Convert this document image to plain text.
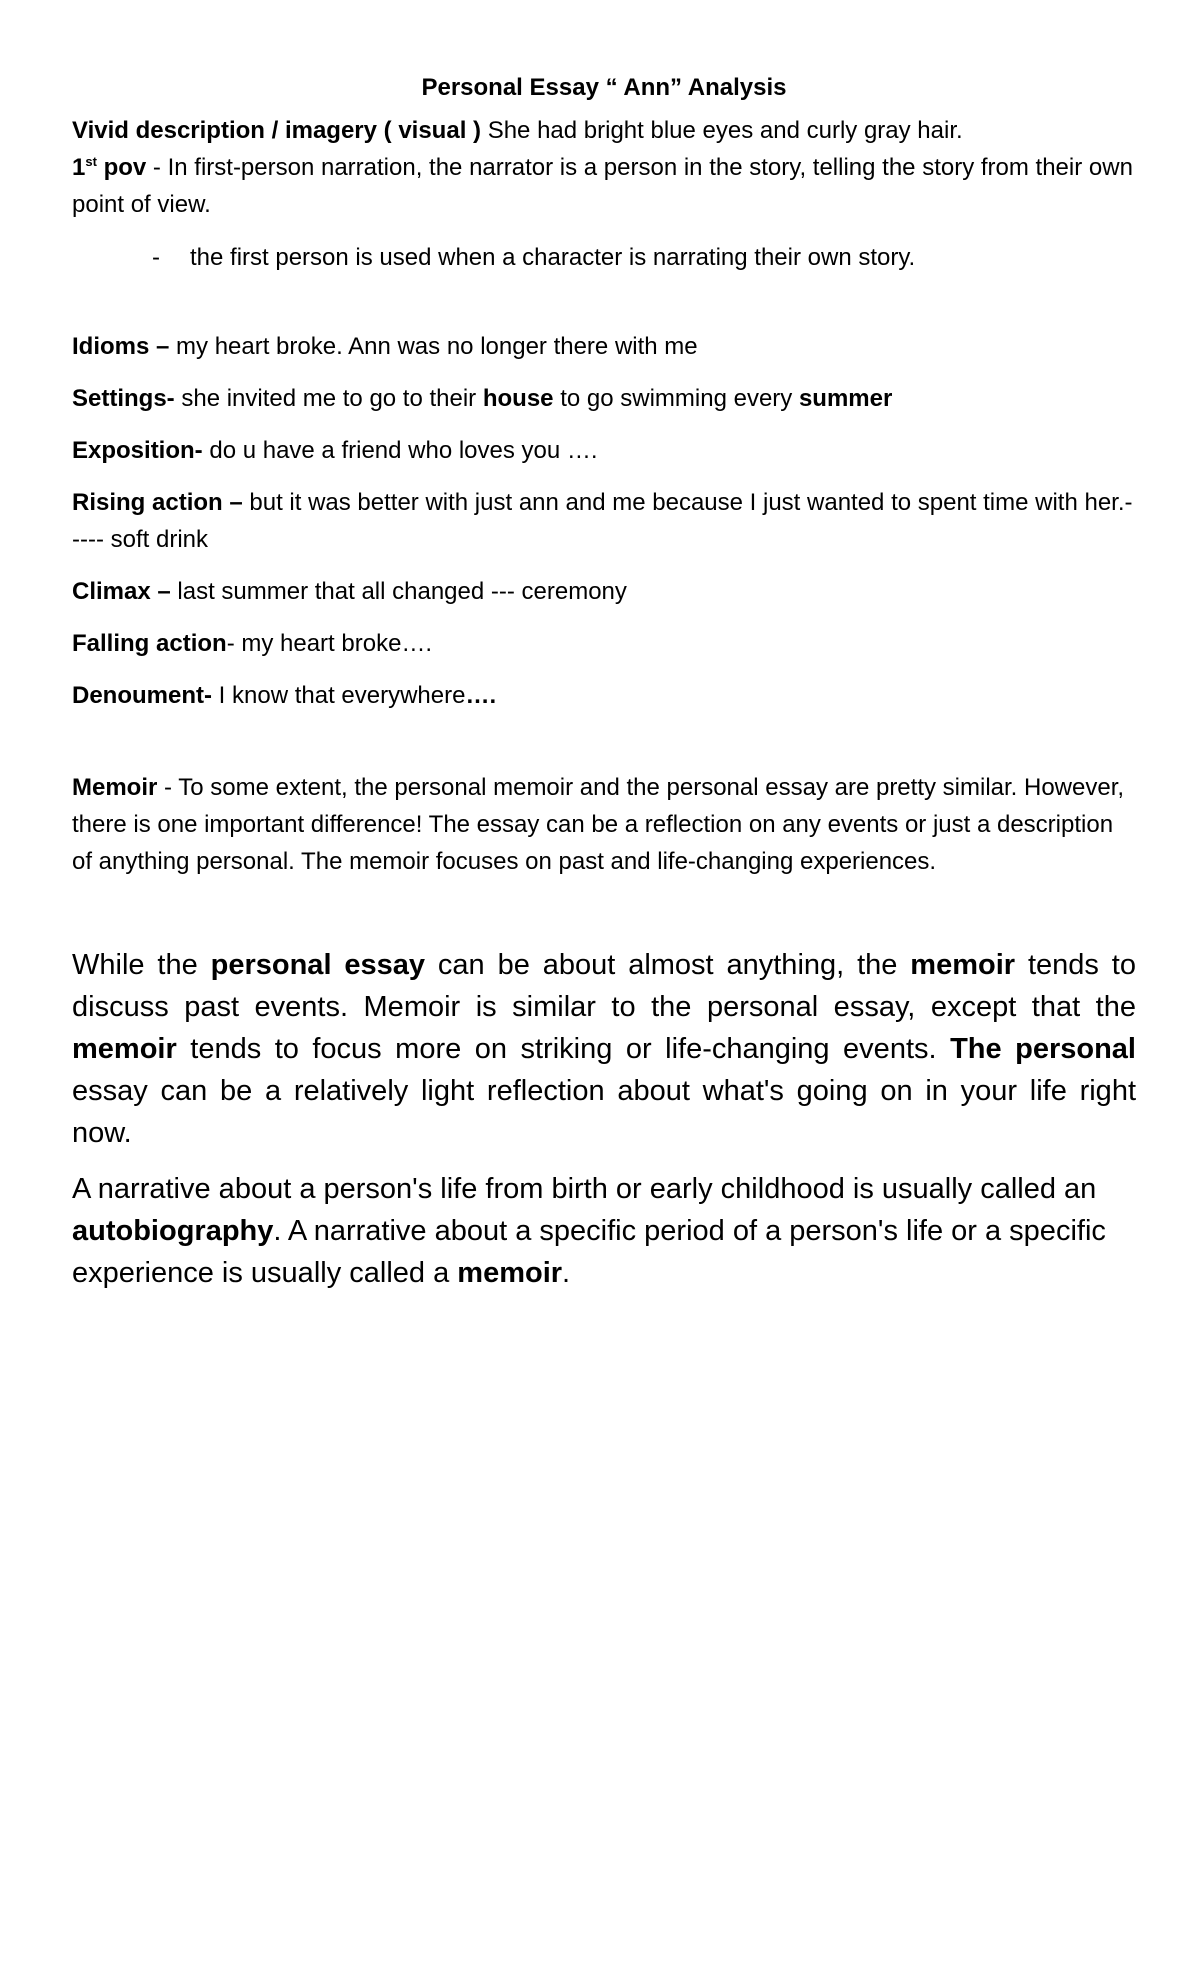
Personal Essay “ Ann” Analysis

Vivid description / imagery ( visual ) She had bright blue eyes and curly gray hair.

1st pov - In first-person narration, the narrator is a person in the story, telling the story from their own point of view.

- the first person is used when a character is narrating their own story.

Idioms – my heart broke. Ann was no longer there with me

Settings- she invited me to go to their house to go swimming every summer

Exposition- do u have a friend who loves you ….

Rising action – but it was better with just ann and me because I just wanted to spent time with her.----- soft drink

Climax – last summer that all changed --- ceremony

Falling action- my heart broke….

Denoument- I know that everywhere….

Memoir - To some extent, the personal memoir and the personal essay are pretty similar. However, there is one important difference! The essay can be a reflection on any events or just a description of anything personal. The memoir focuses on past and life-changing experiences.

While the personal essay can be about almost anything, the memoir tends to discuss past events. Memoir is similar to the personal essay, except that the memoir tends to focus more on striking or life-changing events. The personal essay can be a relatively light reflection about what's going on in your life right now.

A narrative about a person's life from birth or early childhood is usually called an autobiography. A narrative about a specific period of a person's life or a specific experience is usually called a memoir.
